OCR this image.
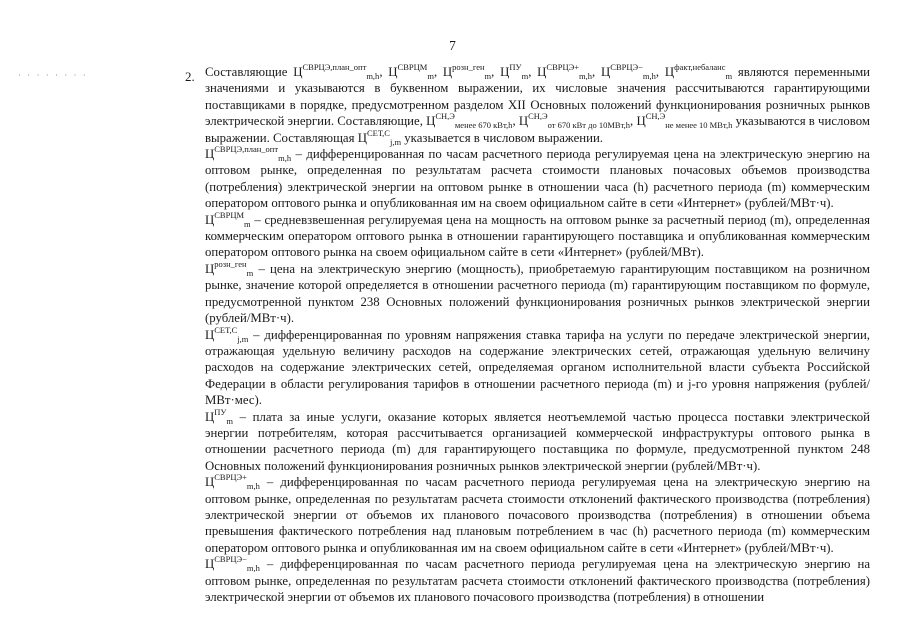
7
· · · · · · · ·	2. Составляющие $Ц^{СВРЦЭ,план\_опт}_{m,h}$, $Ц^{СВРЦМ}_m$, $Ц^{розн\_ген}_m$, $Ц^{ПУ}_m$, $Ц^{СВРЦЭ+}_{m,h}$, $Ц^{СВРЦЭ-}_{m,h}$, $Ц^{факт,небаланс}_m$ являются переменными значениями и указываются в буквенном выражении, их числовые значения рассчитываются гарантирующими поставщиками в порядке, предусмотренном разделом XII Основных положений функционирования розничных рынков электрической энергии. Составляющие, $Ц^{СН,Э}_{менее 670 кВт,h}$, $Ц^{СН,Э}_{от 670 кВт до 10МВт,h}$, $Ц^{СН,Э}_{не менее 10 МВт,h}$ указываются в числовом выражении. Составляющая $Ц^{СЕТ,С}_{j,m}$ указывается в числовом выражении.

$Ц^{СВРЦЭ,план\_опт}_{m,h}$ – дифференцированная по часам расчетного периода регулируемая цена на электрическую энергию на оптовом рынке, определенная по результатам расчета стоимости плановых почасовых объемов производства (потребления) электрической энергии на оптовом рынке в отношении часа (h) расчетного периода (m) коммерческим оператором оптового рынка и опубликованная им на своем официальном сайте в сети «Интернет» (рублей/МВт·ч).

$Ц^{СВРЦМ}_m$ – средневзвешенная регулируемая цена на мощность на оптовом рынке за расчетный период (m), определенная коммерческим оператором оптового рынка в отношении гарантирующего поставщика и опубликованная коммерческим оператором оптового рынка на своем официальном сайте в сети «Интернет» (рублей/МВт).

$Ц^{розн\_ген}_m$ – цена на электрическую энергию (мощность), приобретаемую гарантирующим поставщиком на розничном рынке, значение которой определяется в отношении расчетного периода (m) гарантирующим поставщиком по формуле, предусмотренной пунктом 238 Основных положений функционирования розничных рынков электрической энергии (рублей/МВт·ч).

$Ц^{СЕТ,С}_{j,m}$ – дифференцированная по уровням напряжения ставка тарифа на услуги по передаче электрической энергии, отражающая удельную величину расходов на содержание электрических сетей, отражающая удельную величину расходов на содержание электрических сетей, определяемая органом исполнительной власти субъекта Российской Федерации в области регулирования тарифов в отношении расчетного периода (m) и j-го уровня напряжения (рублей/МВт·мес).

$Ц^{ПУ}_m$ – плата за иные услуги, оказание которых является неотъемлемой частью процесса поставки электрической энергии потребителям, которая рассчитывается организацией коммерческой инфраструктуры оптового рынка в отношении расчетного периода (m) для гарантирующего поставщика по формуле, предусмотренной пунктом 248 Основных положений функционирования розничных рынков электрической энергии (рублей/МВт·ч).

$Ц^{СВРЦЭ+}_{m,h}$ – дифференцированная по часам расчетного периода регулируемая цена на электрическую энергию на оптовом рынке, определенная по результатам расчета стоимости отклонений фактического производства (потребления) электрической энергии от объемов их планового почасового производства (потребления) в отношении объема превышения фактического потребления над плановым потреблением в час (h) расчетного периода (m) коммерческим оператором оптового рынка и опубликованная им на своем официальном сайте в сети «Интернет» (рублей/МВт·ч).

$Ц^{СВРЦЭ-}_{m,h}$ – дифференцированная по часам расчетного периода регулируемая цена на электрическую энергию на оптовом рынке, определенная по результатам расчета стоимости отклонений фактического производства (потребления) электрической энергии от объемов их планового почасового производства (потребления) в отношении
